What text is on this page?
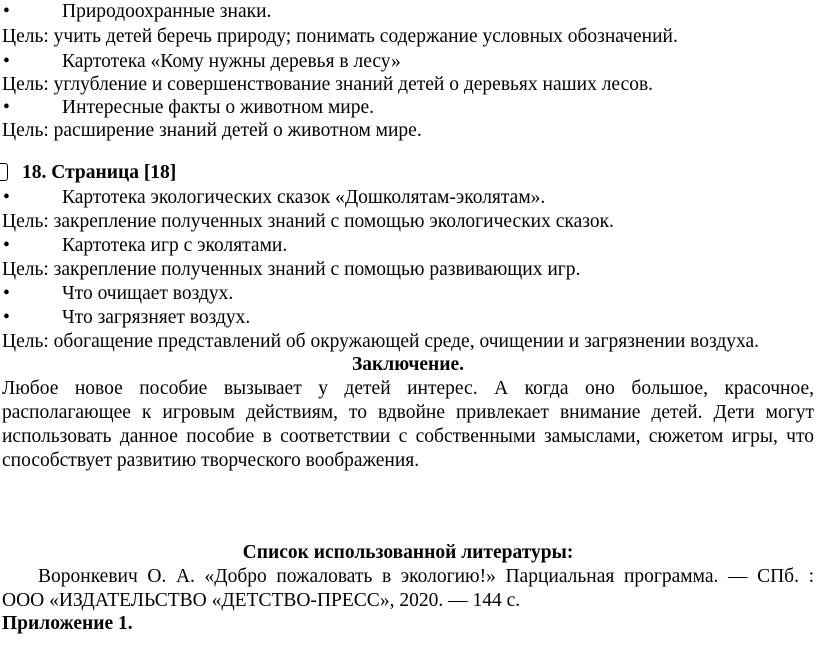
•	Природоохранные знаки.
Цель: учить детей беречь природу; понимать содержание условных обозначений.
•	Картотека «Кому нужны деревья в лесу»
Цель: углубление и совершенствование знаний детей о деревьях наших лесов.
•	Интересные факты о животном мире.
Цель: расширение знаний детей о животном мире.
18. Страница [18]
•	Картотека экологических сказок «Дошколятам-эколятам».
Цель: закрепление полученных знаний с помощью экологических сказок.
•	Картотека игр с эколятами.
Цель: закрепление полученных знаний с помощью развивающих игр.
•	Что очищает воздух.
•	Что загрязняет воздух.
Цель: обогащение представлений об окружающей среде, очищении и загрязнении воздуха.
Заключение.
Любое новое пособие вызывает у детей интерес. А когда оно большое, красочное,
располагающее к игровым действиям, то вдвойне привлекает внимание детей. Дети могут
использовать данное пособие в соответствии с собственными замыслами, сюжетом игры, что
способствует развитию творческого воображения.
Список использованной литературы:
Воронкевич О. А. «Добро пожаловать в экологию!» Парциальная программа. — СПб. :
ООО «ИЗДАТЕЛЬСТВО «ДЕТСТВО-ПРЕСС», 2020. — 144 с.
Приложение 1.
